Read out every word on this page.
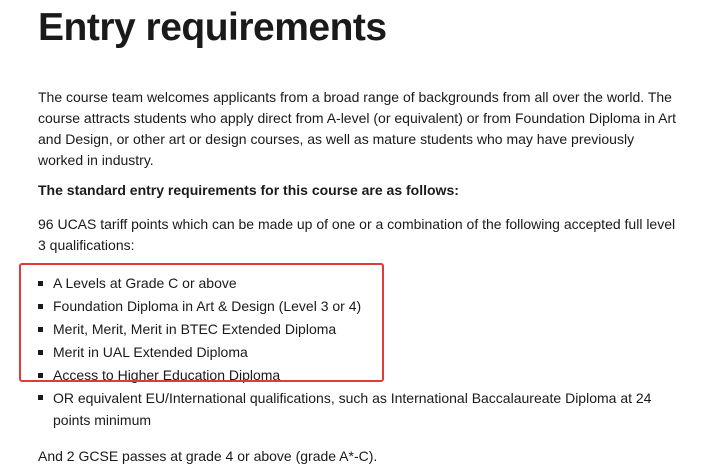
Entry requirements

The course team welcomes applicants from a broad range of backgrounds from all over the world. The
course attracts students who apply direct from A-level (or equivalent) or from Foundation Diploma in Art
and Design, or other art or design courses, as well as mature students who may have previously
worked in industry.

The standard entry requirements for this course are as follows:

96 UCAS tariff points which can be made up of one or a combination of the following accepted full level
3 qualifications:

A Levels at Grade C or above
Foundation Diploma in Art & Design (Level 3 or 4)
Merit, Merit, Merit in BTEC Extended Diploma
Merit in UAL Extended Diploma
Access to Higher Education Diploma
OR equivalent EU/International qualifications, such as International Baccalaureate Diploma at 24
points minimum

And 2 GCSE passes at grade 4 or above (grade A*-C).
